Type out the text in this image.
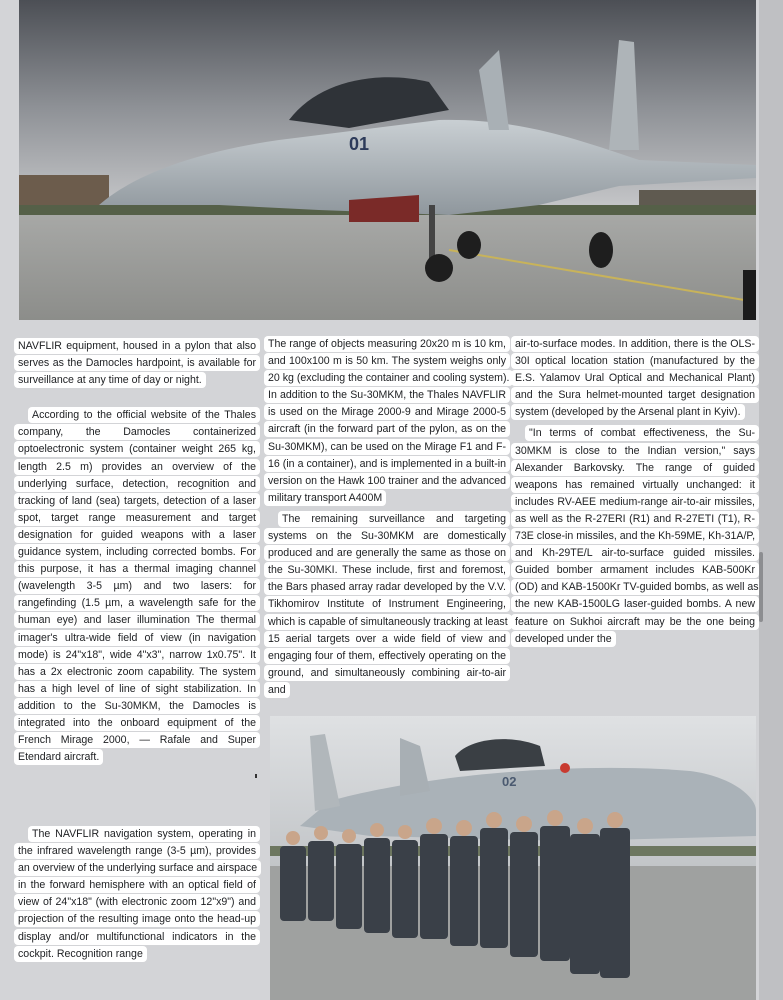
01

NAVFLIR equipment, housed in a pylon that also serves as the Damocles hardpoint, is available for surveillance at any time of day or night.

According to the official website of the Thales company, the Damocles containerized optoelectronic system (container weight 265 kg, length 2.5 m) provides an overview of the underlying surface, detection, recognition and tracking of land (sea) targets, detection of a laser spot, target range measurement and target designation for guided weapons with a laser guidance system, including corrected bombs. For this purpose, it has a thermal imaging channel (wavelength 3-5 µm) and two lasers: for rangefinding (1.5 µm, a wavelength safe for the human eye) and laser illumination The thermal imager's ultra-wide field of view (in navigation mode) is 24"x18", wide 4"x3", narrow 1x0.75". It has a 2x electronic zoom capability. The system has a high level of line of sight stabilization. In addition to the Su-30MKM, the Damocles is integrated into the onboard equipment of the French Mirage 2000, — Rafale and Super Etendard aircraft.

The range of objects measuring 20x20 m is 10 km, and 100x100 m is 50 km. The system weighs only 20 kg (excluding the container and cooling system). In addition to the Su-30MKM, the Thales NAVFLIR is used on the Mirage 2000-9 and Mirage 2000-5 aircraft (in the forward part of the pylon, as on the Su-30MKM), can be used on the Mirage F1 and F-16 (in a container), and is implemented in a built-in version on the Hawk 100 trainer and the advanced military transport A400M

The remaining surveillance and targeting systems on the Su-30MKM are domestically produced and are generally the same as those on the Su-30MKI. These include, first and foremost, the Bars phased array radar developed by the V.V. Tikhomirov Institute of Instrument Engineering, which is capable of simultaneously tracking at least 15 aerial targets over a wide field of view and engaging four of them, effectively operating on the ground, and simultaneously combining air-to-air and

air-to-surface modes. In addition, there is the OLS-30I optical location station (manufactured by the E.S. Yalamov Ural Optical and Mechanical Plant) and the Sura helmet-mounted target designation system (developed by the Arsenal plant in Kyiv).

"In terms of combat effectiveness, the Su-30MKM is close to the Indian version," says Alexander Barkovsky. The range of guided weapons has remained virtually unchanged: it includes RV-AEE medium-range air-to-air missiles, as well as the R-27ERI (R1) and R-27ETI (T1), R-73E close-in missiles, and the Kh-59ME, Kh-31A/P, and Kh-29TE/L air-to-surface guided missiles. Guided bomber armament includes KAB-500Kr (OD) and KAB-1500Kr TV-guided bombs, as well as the new KAB-1500LG laser-guided bombs. A new feature on Sukhoi aircraft may be the one being developed under the

The NAVFLIR navigation system, operating in the infrared wavelength range (3-5 µm), provides an overview of the underlying surface and airspace in the forward hemisphere with an optical field of view of 24"x18" (with electronic zoom 12"x9") and projection of the resulting image onto the head-up display and/or multifunctional indicators in the cockpit. Recognition range

02
